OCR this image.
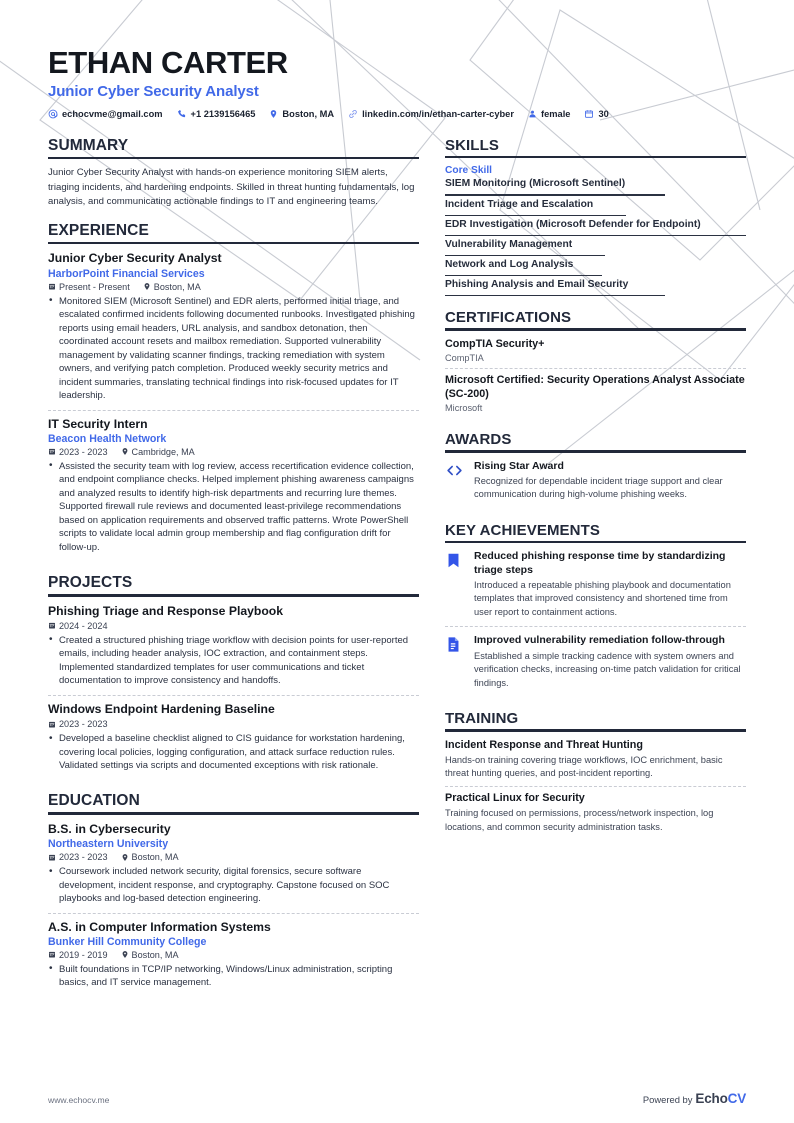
ETHAN CARTER
Junior Cyber Security Analyst
echocvme@gmail.com	+1 2139156465	Boston, MA	linkedin.com/in/ethan-carter-cyber	female	30
SUMMARY
Junior Cyber Security Analyst with hands-on experience monitoring SIEM alerts, triaging incidents, and hardening endpoints. Skilled in threat hunting fundamentals, log analysis, and communicating actionable findings to IT and engineering teams.
EXPERIENCE
Junior Cyber Security Analyst
HarborPoint Financial Services
Present - Present	Boston, MA
• Monitored SIEM (Microsoft Sentinel) and EDR alerts, performed initial triage, and escalated confirmed incidents following documented runbooks. Investigated phishing reports using email headers, URL analysis, and sandbox detonation, then coordinated account resets and mailbox remediation. Supported vulnerability management by validating scanner findings, tracking remediation with system owners, and verifying patch completion. Produced weekly security metrics and incident summaries, translating technical findings into risk-focused updates for IT leadership.
IT Security Intern
Beacon Health Network
2023 - 2023	Cambridge, MA
• Assisted the security team with log review, access recertification evidence collection, and endpoint compliance checks. Helped implement phishing awareness campaigns and analyzed results to identify high-risk departments and recurring lure themes. Supported firewall rule reviews and documented least-privilege recommendations based on application requirements and observed traffic patterns. Wrote PowerShell scripts to validate local admin group membership and flag configuration drift for follow-up.
PROJECTS
Phishing Triage and Response Playbook
2024 - 2024
• Created a structured phishing triage workflow with decision points for user-reported emails, including header analysis, IOC extraction, and containment steps. Implemented standardized templates for user communications and ticket documentation to improve consistency and handoffs.
Windows Endpoint Hardening Baseline
2023 - 2023
• Developed a baseline checklist aligned to CIS guidance for workstation hardening, covering local policies, logging configuration, and attack surface reduction rules. Validated settings via scripts and documented exceptions with risk rationale.
EDUCATION
B.S. in Cybersecurity
Northeastern University
2023 - 2023	Boston, MA
• Coursework included network security, digital forensics, secure software development, incident response, and cryptography. Capstone focused on SOC playbooks and log-based detection engineering.
A.S. in Computer Information Systems
Bunker Hill Community College
2019 - 2019	Boston, MA
• Built foundations in TCP/IP networking, Windows/Linux administration, scripting basics, and IT service management.
SKILLS
Core Skill
SIEM Monitoring (Microsoft Sentinel)
Incident Triage and Escalation
EDR Investigation (Microsoft Defender for Endpoint)
Vulnerability Management
Network and Log Analysis
Phishing Analysis and Email Security
CERTIFICATIONS
CompTIA Security+
CompTIA
Microsoft Certified: Security Operations Analyst Associate (SC-200)
Microsoft
AWARDS
Rising Star Award
Recognized for dependable incident triage support and clear communication during high-volume phishing weeks.
KEY ACHIEVEMENTS
Reduced phishing response time by standardizing triage steps
Introduced a repeatable phishing playbook and documentation templates that improved consistency and shortened time from user report to containment actions.
Improved vulnerability remediation follow-through
Established a simple tracking cadence with system owners and verification checks, increasing on-time patch validation for critical findings.
TRAINING
Incident Response and Threat Hunting
Hands-on training covering triage workflows, IOC enrichment, basic threat hunting queries, and post-incident reporting.
Practical Linux for Security
Training focused on permissions, process/network inspection, log locations, and common security administration tasks.
www.echocv.me	Powered by EchoCV
